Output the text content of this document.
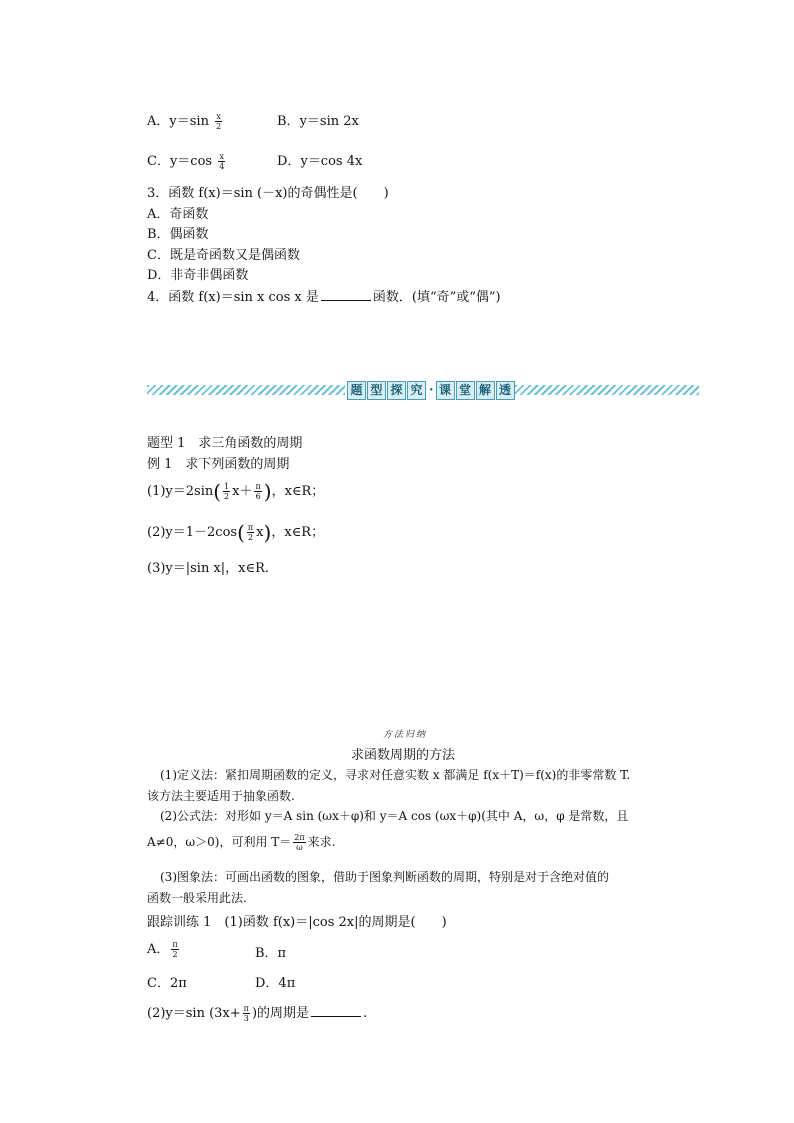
A．$y=\sin \frac{x}{2}$	B．y＝sin 2x
C．$y=\cos \frac{x}{4}$	D．y＝cos 4x
3．函数 f(x)＝sin (－x)的奇偶性是(　　)
A．奇函数
B．偶函数
C．既是奇函数又是偶函数
D．非奇非偶函数
4．函数 f(x)＝sin x cos x 是	函数．(填“奇”或“偶”)
题 型 探 究 · 课 堂 解 透
题型 1　求三角函数的周期
例 1　求下列函数的周期
$(1)y=2\sin( \frac{1}{2} x+ \frac{\pi}{6}$ )，x∈R；
$(2)y=1-2\cos( \frac{\pi}{2} x)$，x∈R；
(3)y＝|sin x|，x∈R.
方法归纳
求函数周期的方法
(1)定义法：紧扣周期函数的定义，寻求对任意实数 x 都满足 f(x＋T)＝f(x)的非零常数 T.
该方法主要适用于抽象函数.
(2)公式法：对形如 y＝A sin (ωx＋φ)和 y＝A cos (ωx＋φ)(其中 A，ω，φ 是常数，且
A≠0，ω＞0)，可利用 $T= \frac{2\pi}{\omega}$ 来求.
(3)图象法：可画出函数的图象，借助于图象判断函数的周期，特别是对于含绝对值的
函数一般采用此法.
跟踪训练 1　(1)函数 f(x)＝|cos 2x|的周期是(　　)
A． $\frac{\pi}{2}$	B．π
C．2π	D．4π
(2)y＝sin ($3x+ \frac{\pi}{3}$ )的周期是	.
